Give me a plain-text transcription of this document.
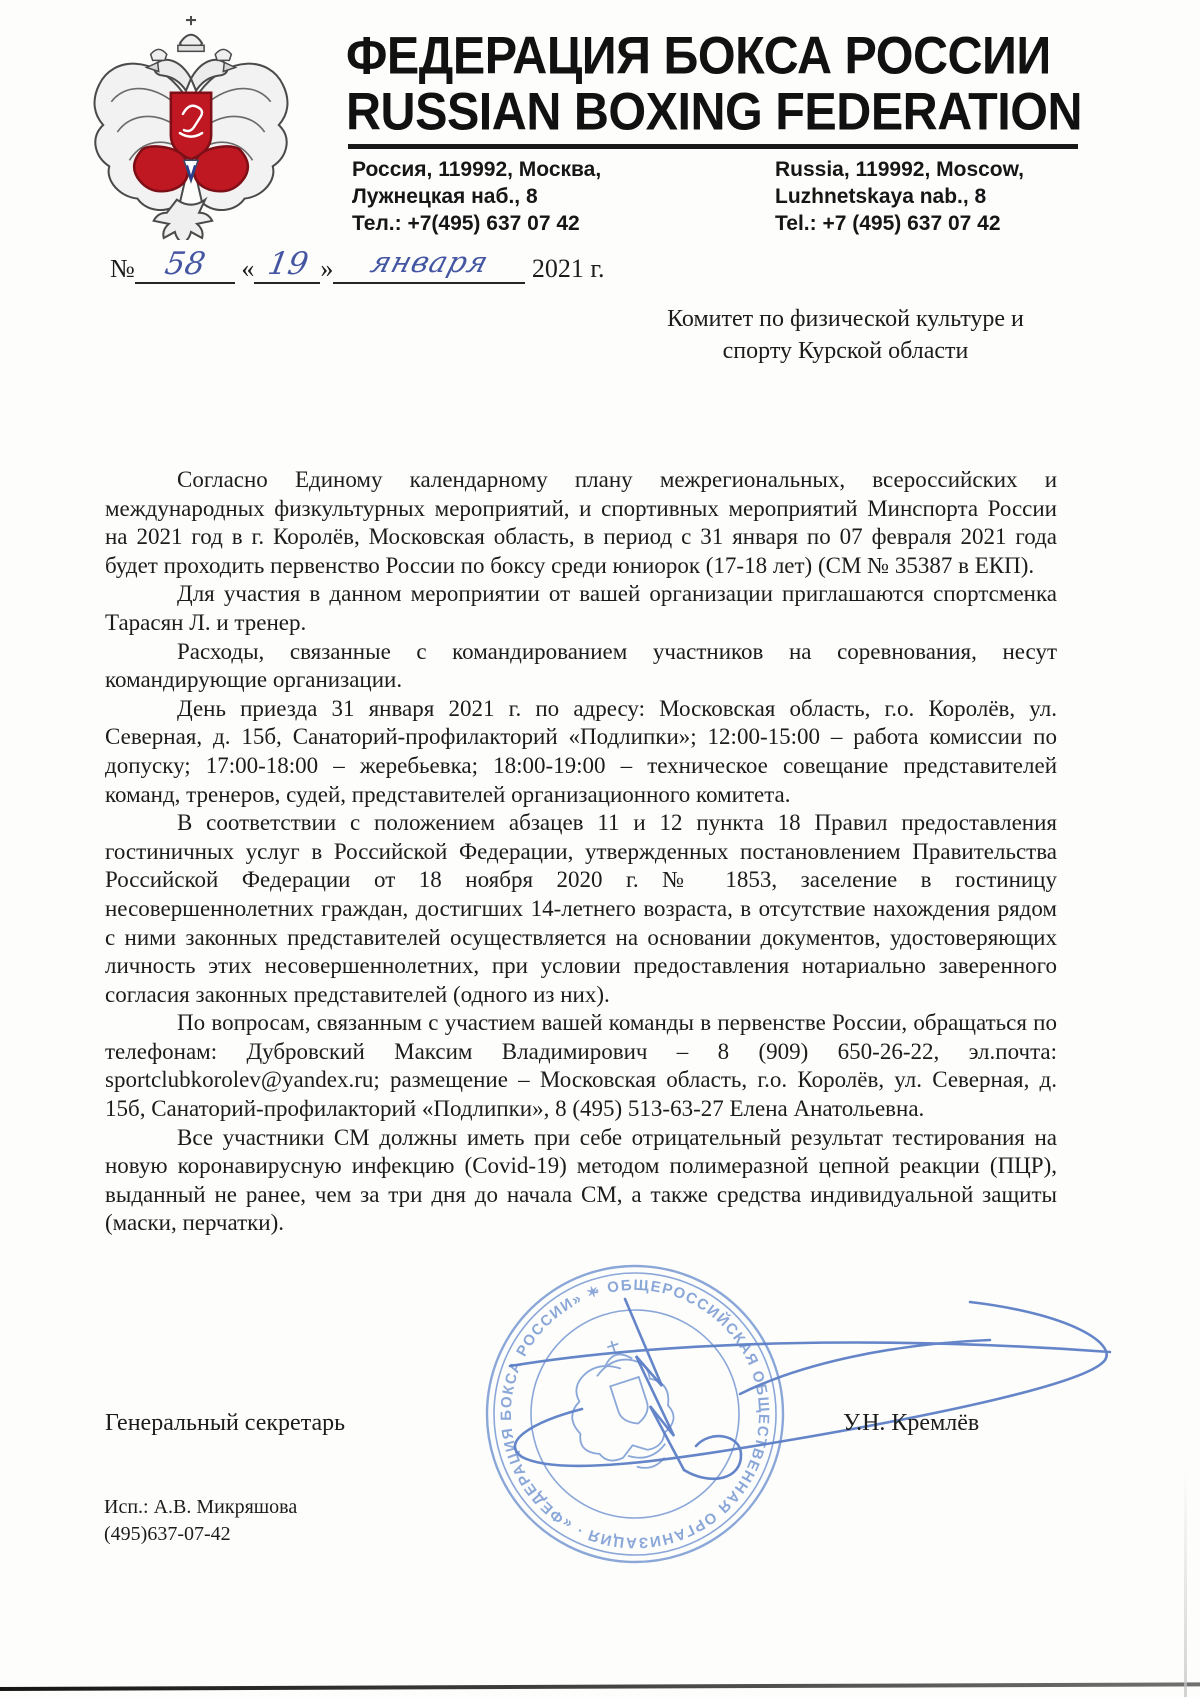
ФЕДЕРАЦИЯ БОКСА РОССИИ
RUSSIAN BOXING FEDERATION
Россия, 119992, Москва,
Лужнецкая наб., 8
Тел.: +7(495) 637 07 42
Russia, 119992, Moscow,
Luzhnetskaya nab., 8
Tel.: +7 (495) 637 07 42
№ 58 « 19 » января 2021 г.
Комитет по физической культуре и
спорту Курской области

Согласно Единому календарному плану межрегиональных, всероссийских и международных физкультурных мероприятий, и спортивных мероприятий Минспорта России на 2021 год в г. Королёв, Московская область, в период с 31 января по 07 февраля 2021 года будет проходить первенство России по боксу среди юниорок (17-18 лет) (СМ № 35387 в ЕКП).

Для участия в данном мероприятии от вашей организации приглашаются спортсменка Тарасян Л. и тренер.

Расходы, связанные с командированием участников на соревнования, несут командирующие организации.

День приезда 31 января 2021 г. по адресу: Московская область, г.о. Королёв, ул. Северная, д. 15б, Санаторий-профилакторий «Подлипки»; 12:00-15:00 – работа комиссии по допуску; 17:00-18:00 – жеребьевка; 18:00-19:00 – техническое совещание представителей команд, тренеров, судей, представителей организационного комитета.

В соответствии с положением абзацев 11 и 12 пункта 18 Правил предоставления гостиничных услуг в Российской Федерации, утвержденных постановлением Правительства Российской Федерации от 18 ноября 2020 г. № 1853, заселение в гостиницу несовершеннолетних граждан, достигших 14-летнего возраста, в отсутствие нахождения рядом с ними законных представителей осуществляется на основании документов, удостоверяющих личность этих несовершеннолетних, при условии предоставления нотариально заверенного согласия законных представителей (одного из них).

По вопросам, связанным с участием вашей команды в первенстве России, обращаться по телефонам: Дубровский Максим Владимирович – 8 (909) 650-26-22, эл.почта: sportclubkorolev@yandex.ru; размещение – Московская область, г.о. Королёв, ул. Северная, д. 15б, Санаторий-профилакторий «Подлипки», 8 (495) 513-63-27 Елена Анатольевна.

Все участники СМ должны иметь при себе отрицательный результат тестирования на новую коронавирусную инфекцию (Covid-19) методом полимеразной цепной реакции (ПЦР), выданный не ранее, чем за три дня до начала СМ, а также средства индивидуальной защиты (маски, перчатки).

· ОБЩЕРОССИЙСКАЯ ОБЩЕСТВЕННАЯ ОРГАНИЗАЦИЯ · «ФЕДЕРАЦИЯ БОКСА РОССИИ» ✶
Генеральный секретарь	У.Н. Кремлёв
Исп.: А.В. Микряшова
(495)637-07-42
